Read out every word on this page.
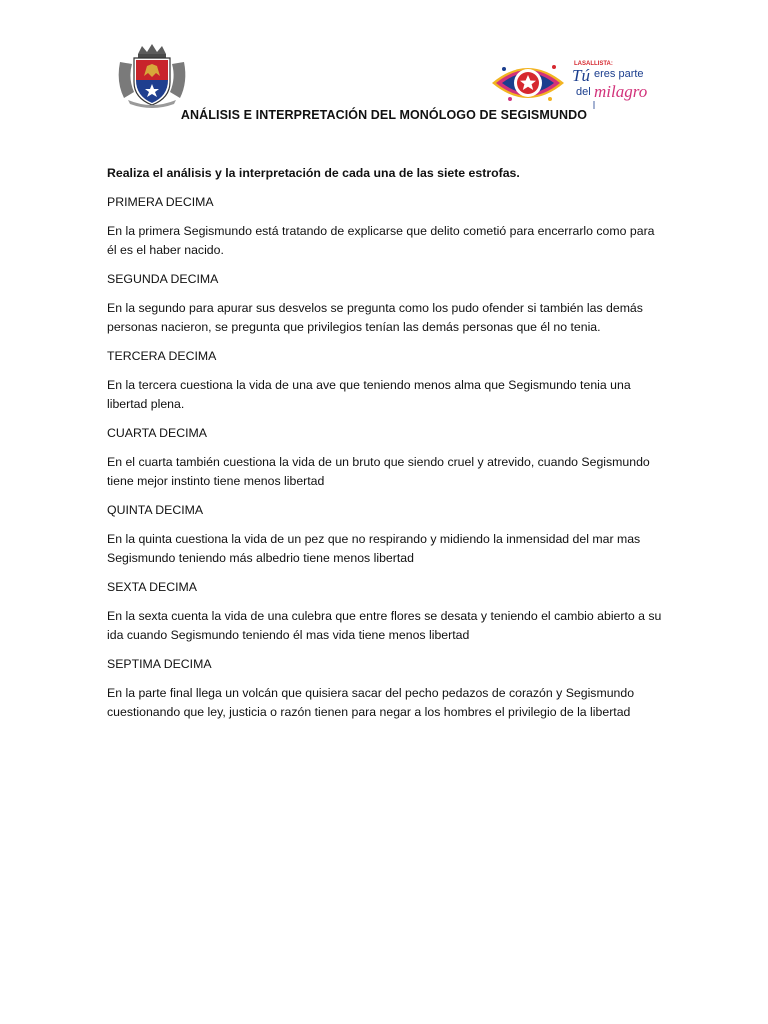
LASALLISTA:
Tú eres parte
del milagro
ANÁLISIS E INTERPRETACIÓN DEL MONÓLOGO DE SEGISMUNDO

Realiza el análisis y la interpretación de cada una de las siete estrofas.

PRIMERA DECIMA

En la primera Segismundo está tratando de explicarse que delito cometió para encerrarlo como para él es el haber nacido.

SEGUNDA DECIMA

En la segundo para apurar sus desvelos se pregunta como los pudo ofender si también las demás personas nacieron, se pregunta que privilegios tenían las demás personas que él no tenia.

TERCERA DECIMA

En la tercera cuestiona la vida de una ave que teniendo menos alma que Segismundo tenia una libertad plena.

CUARTA DECIMA

En el cuarta también cuestiona la vida de un bruto que siendo cruel y atrevido, cuando Segismundo tiene mejor instinto tiene menos libertad

QUINTA DECIMA

En la quinta cuestiona la vida de un pez que no respirando y midiendo la inmensidad del mar mas Segismundo teniendo más albedrio tiene menos libertad

SEXTA DECIMA

En la sexta cuenta la vida de una culebra que entre flores se desata y teniendo el cambio abierto a su ida cuando Segismundo teniendo él mas vida tiene menos libertad

SEPTIMA DECIMA

En la parte final llega un volcán que quisiera sacar del pecho pedazos de corazón y Segismundo cuestionando que ley, justicia o razón tienen para negar a los hombres el privilegio de la libertad
